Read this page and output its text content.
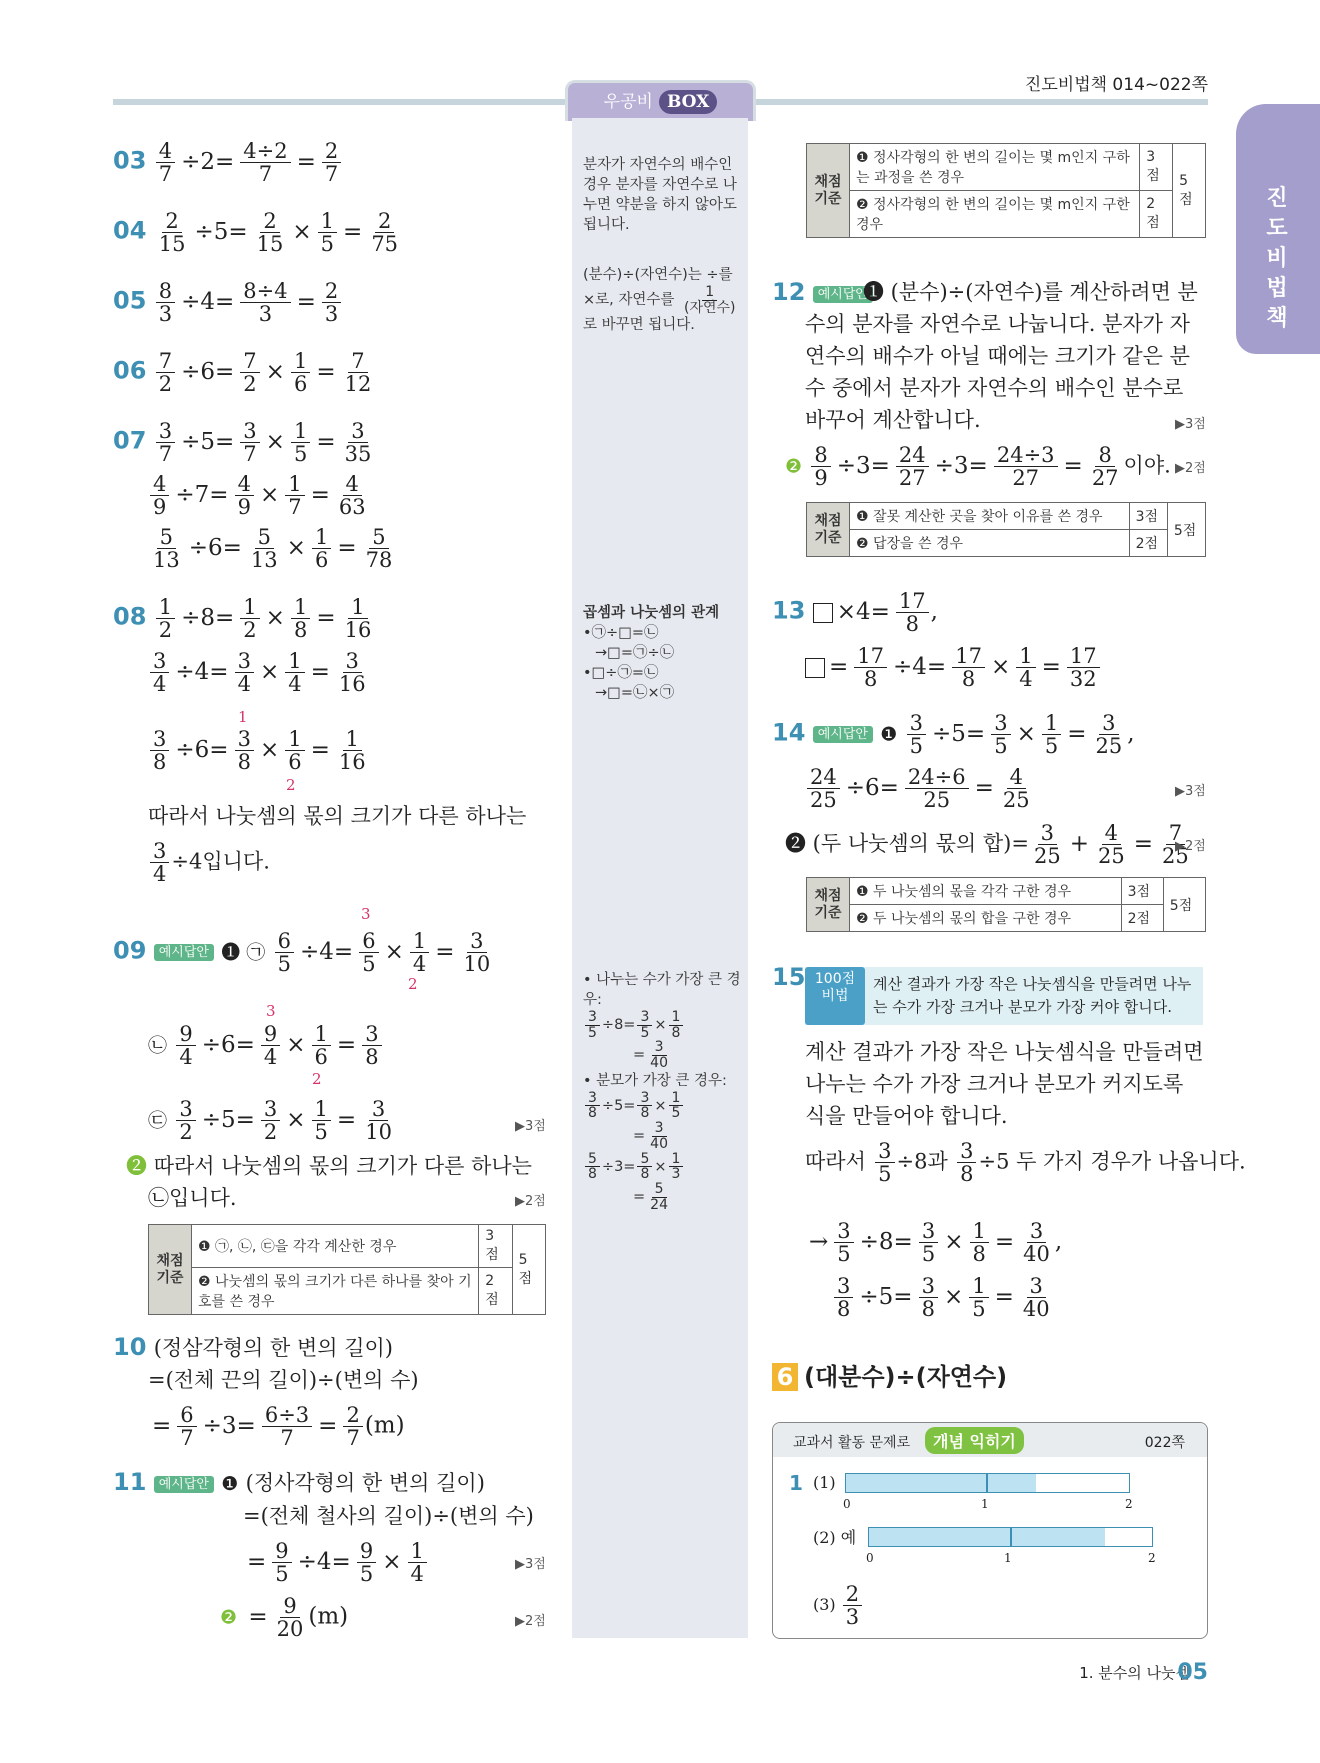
우공비 BOX
진도비법책 014~022쪽
진도비법책
$03 \frac{4}{7} \div 2= \frac{4\div 2}{7} = \frac{2}{7}$
$04 \frac{2}{15} \div 5= \frac{2}{15} \times \frac{1}{5} = \frac{2}{75}$
$05 \frac{8}{3} \div 4= \frac{8\div 4}{3} = \frac{2}{3}$
$06 \frac{7}{2} \div 6= \frac{7}{2} \times \frac{1}{6} = \frac{7}{12}$
$07 \frac{3}{7} \div 5= \frac{3}{7} \times \frac{1}{5} = \frac{3}{35}$
$\frac{4}{9} \div 7= \frac{4}{9} \times \frac{1}{7} = \frac{4}{63}$
$\frac{5}{13} \div 6= \frac{5}{13} \times \frac{1}{6} = \frac{5}{78}$
$08 \frac{1}{2} \div 8= \frac{1}{2} \times \frac{1}{8} = \frac{1}{16}$
$\frac{3}{4} \div 4= \frac{3}{4} \times \frac{1}{4} = \frac{3}{16}$
$\frac{3}{8} \div 6= \frac{3}{8} \times \frac{1}{6} = \frac{1}{16}$
1
2
따라서 나눗셈의 몫의 크기가 다른 하나는
$\frac{3}{4} \div 4$입니다.
09 예시답안 ❶ ㉠ $\frac{6}{5} \div 4= \frac{6}{5} \times \frac{1}{4} = \frac{3}{10}$
3
2
㉡ $\frac{9}{4} \div 6= \frac{9}{4} \times \frac{1}{6} = \frac{3}{8}$
3
2
㉢ $\frac{3}{2} \div 5= \frac{3}{2} \times \frac{1}{5} = \frac{3}{10}$	▶3점
❷ 따라서 나눗셈의 몫의 크기가 다른 하나는
㉡입니다.	▶2점
채점 기준	❶ ㉠, ㉡, ㉢을 각각 계산한 경우	3점	5점
	❷ 나눗셈의 몫의 크기가 다른 하나를 찾아 기호를 쓴 경우	2점	
10 (정삼각형의 한 변의 길이)
=(전체 끈의 길이)÷(변의 수)
= $\frac{6}{7} \div 3= \frac{6\div 3}{7} = \frac{2}{7} (m)$
11 예시답안 ❶ (정사각형의 한 변의 길이)
=(전체 철사의 길이)÷(변의 수)
= $\frac{9}{5} \div 4= \frac{9}{5} \times \frac{1}{4}$	▶3점
❷ = $\frac{9}{20} (m)$	▶2점
분자가 자연수의 배수인 경우 분자를 자연수로 나누면 약분을 하지 않아도 됩니다.
(분수)÷(자연수)는 ÷를 ×로, 자연수를
1
(자연수)
로 바꾸면 됩니다.
곱셈과 나눗셈의 관계
•㉠÷□=㉡
→□=㉠÷㉡
•□÷㉠=㉡
→□=㉡×㉠
• 나누는 수가 가장 큰 경우:
$\frac{3}{5} \div 8= \frac{3}{5} \times \frac{1}{8}$
= $\frac{3}{40}$
• 분모가 가장 큰 경우:
$\frac{3}{8} \div 5= \frac{3}{8} \times \frac{1}{5}$
= $\frac{3}{40}$
$\frac{5}{8} \div 3= \frac{5}{8} \times \frac{1}{3}$
= $\frac{5}{24}$
채점 기준	❶ 정사각형의 한 변의 길이는 몇 m인지 구하는 과정을 쓴 경우	3점	5점
	❷ 정사각형의 한 변의 길이는 몇 m인지 구한 경우	2점	
12 예시답안
❶ (분수)÷(자연수)를 계산하려면 분수의 분자를 자연수로 나눕니다. 분자가 자연수의 배수가 아닐 때에는 크기가 같은 분수 중에서 분자가 자연수의 배수인 분수로 바꾸어 계산합니다.	▶3점
❷ $\frac{8}{9} \div 3= \frac{24}{27} \div 3= \frac{24\div 3}{27} = \frac{8}{27}$ 이야. ▶2점
채점 기준	❶ 잘못 계산한 곳을 찾아 이유를 쓴 경우	3점	5점
	❷ 답장을 쓴 경우	2점	
$13 \times 4= \frac{17}{8}$ ,
= $\frac{17}{8} \div 4= \frac{17}{8} \times \frac{1}{4} = \frac{17}{32}$
14 예시답안 ❶ $\frac{3}{5} \div 5= \frac{3}{5} \times \frac{1}{5} = \frac{3}{25}$ ,
$\frac{24}{25} \div 6= \frac{24\div 6}{25} = \frac{4}{25}$	▶3점
❷ (두 나눗셈의 몫의 합)= $\frac{3}{25} + \frac{4}{25} = \frac{7}{25}$
▶2점
채점 기준	❶ 두 나눗셈의 몫을 각각 구한 경우	3점	5점
	❷ 두 나눗셈의 몫의 합을 구한 경우	2점	
15 100점 비법
계산 결과가 가장 작은 나눗셈식을 만들려면 나누는 수가 가장 크거나 분모가 가장 커야 합니다.
계산 결과가 가장 작은 나눗셈식을 만들려면 나누는 수가 가장 크거나 분모가 커지도록 식을 만들어야 합니다.
따라서 $\frac{3}{5} \div 8$과 $\frac{3}{8} \div 5$ 두 가지 경우가 나옵니다.
→ $\frac{3}{5} \div 8= \frac{3}{5} \times \frac{1}{8} = \frac{3}{40}$ ,
$\frac{3}{8} \div 5= \frac{3}{8} \times \frac{1}{5} = \frac{3}{40}$
6 (대분수)÷(자연수)
교과서 활동 문제로	개념 익히기	022쪽
1 (1)
0	1	2
(2) 예
0	1	2
$(3) \frac{2}{3}$
1. 분수의 나눗셈
05
